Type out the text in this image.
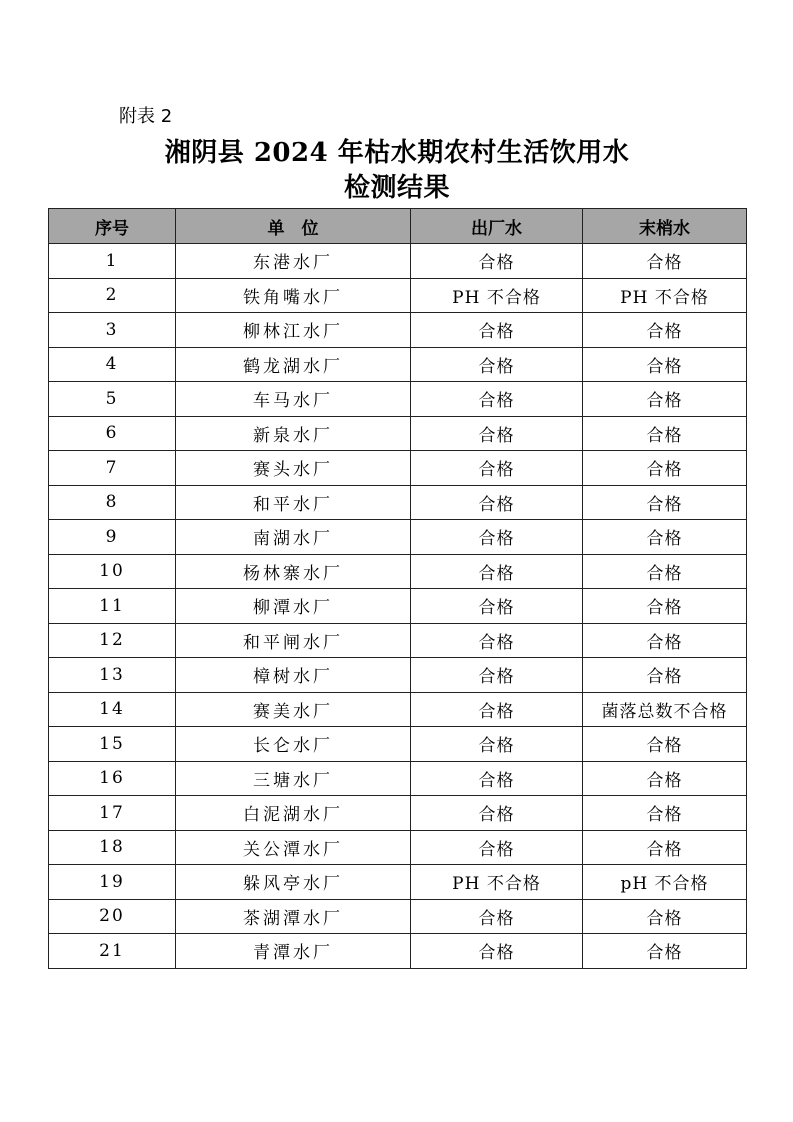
附表 2
湘阴县 2024 年枯水期农村生活饮用水
检测结果
序号	单　位	出厂水	末梢水
1	东港水厂	合格	合格
2	铁角嘴水厂	PH 不合格	PH 不合格
3	柳林江水厂	合格	合格
4	鹤龙湖水厂	合格	合格
5	车马水厂	合格	合格
6	新泉水厂	合格	合格
7	赛头水厂	合格	合格
8	和平水厂	合格	合格
9	南湖水厂	合格	合格
10	杨林寨水厂	合格	合格
11	柳潭水厂	合格	合格
12	和平闸水厂	合格	合格
13	樟树水厂	合格	合格
14	赛美水厂	合格	菌落总数不合格
15	长仑水厂	合格	合格
16	三塘水厂	合格	合格
17	白泥湖水厂	合格	合格
18	关公潭水厂	合格	合格
19	躲风亭水厂	PH 不合格	pH 不合格
20	茶湖潭水厂	合格	合格
21	青潭水厂	合格	合格
